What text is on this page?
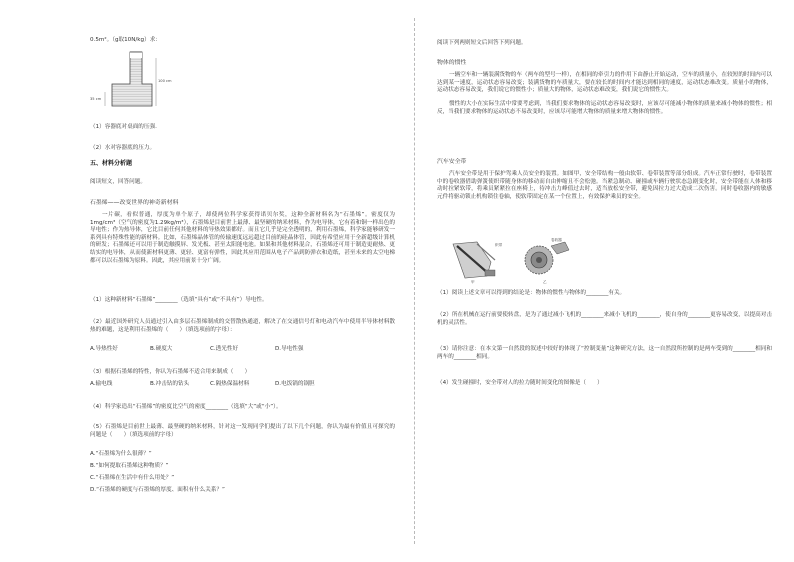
0.5m²。（g取10N/kg）求：
100 cm
35 cm
（1）容器底对桌面的压强.
（2）水对容器底的压力。
五、材料分析题
阅读短文，回答问题。
石墨烯——改变世界的神奇新材料
一片碳，看似普通，厚度为单个原子，却使两位科学家获得诺贝尔奖，这种全新材料名为“石墨烯”。密度仅为1mg/cm³（空气的密度为1.29kg/m³），石墨烯是目前世上最薄、最坚硬的纳米材料，作为电导体，它有着和铜一样出色的导电性；作为热导体，它比目前任何其他材料的导热效果都好。而且它几乎是完全透明的，利用石墨烯，科学家能够研发一系列具有特殊性能的新材料。比如，石墨烯晶体管的传输速度远远超过目前的硅晶体管，因此有希望应用于全新超级计算机的研发；石墨烯还可以用于制造触摸屏、发光板、甚至太阳能电池。如果和其他材料混合，石墨烯还可用于制造更耐热、更结实的电导体，从而使新材料更薄、更轻、更富有弹性，因此其应用范围从电子产品到防弹衣和造纸，甚至未来的太空电梯都可以以石墨烯为原料。因此，其应用前景十分广阔。
（1）这种新材料“石墨烯”________（选填“具有”或“不具有”）导电性。
（2）最近国外研究人员通过引入由多层石墨烯制成的交替散热通道，解决了在交通信号灯和电动汽车中使用半导体材料散热的难题，这是利用石墨烯的（　　）（填选项前的字母）：
A.导热性好	B.硬度大	C.透光性好	D.导电性强
（3）根据石墨烯的特性，你认为石墨烯不适合用来制成（　　）
A.输电线	B.冲击钻的钻头	C.隔热保温材料	D.电饭锅的锅胆
（4）科学家造出“石墨烯”的密度比空气的密度________（选填“大”或“小”）。
（5）石墨烯是目前世上最薄、最坚硬的纳米材料，针对这一发现同学们提出了以下几个问题，你认为最有价值且可探究的问题是（　　）（填选项前的字母）
A.“石墨烯为什么很薄？”
B.“如何提取石墨烯这种物质？”
C.“石墨烯在生活中有什么用处？”
D.“石墨烯的硬度与石墨烯的厚度、面积有什么关系？”
阅读下列两则短文后回答下列问题。
物体的惯性
一辆空车和一辆装满货物的车（两车的型号一样），在相同的牵引力的作用下由静止开始运动，空车的质量小，在较短的时间内可以达到某一速度，运动状态容易改变；装满货物的车质量大，要在较长的时间内才能达到相同的速度，运动状态难改变。质量小的物体，运动状态容易改变，我们说它的惯性小；质量大的物体，运动状态难改变，我们说它的惯性大。
惯性的大小在实际生活中常要考虑到，当我们要求物体的运动状态容易改变时，应该尽可能减小物体的质量来减小物体的惯性；相反，当我们要求物体的运动状态不易改变时，应该尽可能增大物体的质量来增大物体的惯性。
汽车安全带
汽车安全带是用于保护驾乘人员安全的装置。如图甲，安全带结构一般由软带、卷带装置等部分组成。汽车正常行驶时，卷带装置中的卷收器借助弹簧使织带随身体的移动而自由伸缩且不会松弛。当紧急制动、碰撞或车辆行驶状态急剧变化时，安全带能在人体和移动时拉紧软带，将乘员紧紧拉在座椅上，待冲击力峰值过去时，适当放松安全带，避免因拉力过大造成二次伤害。同时卷收器内的敏感元件将驱动锁止机构锁住卷轴，使软带固定在某一个位置上，有效保护乘员的安全。
织带
甲
卷收器
乙
（1）阅读上述文章可以得到的结论是：物体的惯性与物体的________有关。
（2）所在机械在运行前要使转盘，是为了通过减小飞机的________来减小飞机的________，使自身的________更容易改变，以提高对击机的灵活性。
（3）请你注意：在本文第一自然段的叙述中较好的体现了“控制变量”这种研究方法，这一自然段所控制的是两车受到的________相同和两车的________相同。
（4）发生碰撞时，安全带对人的拉力随时间变化的图像是（　　）
